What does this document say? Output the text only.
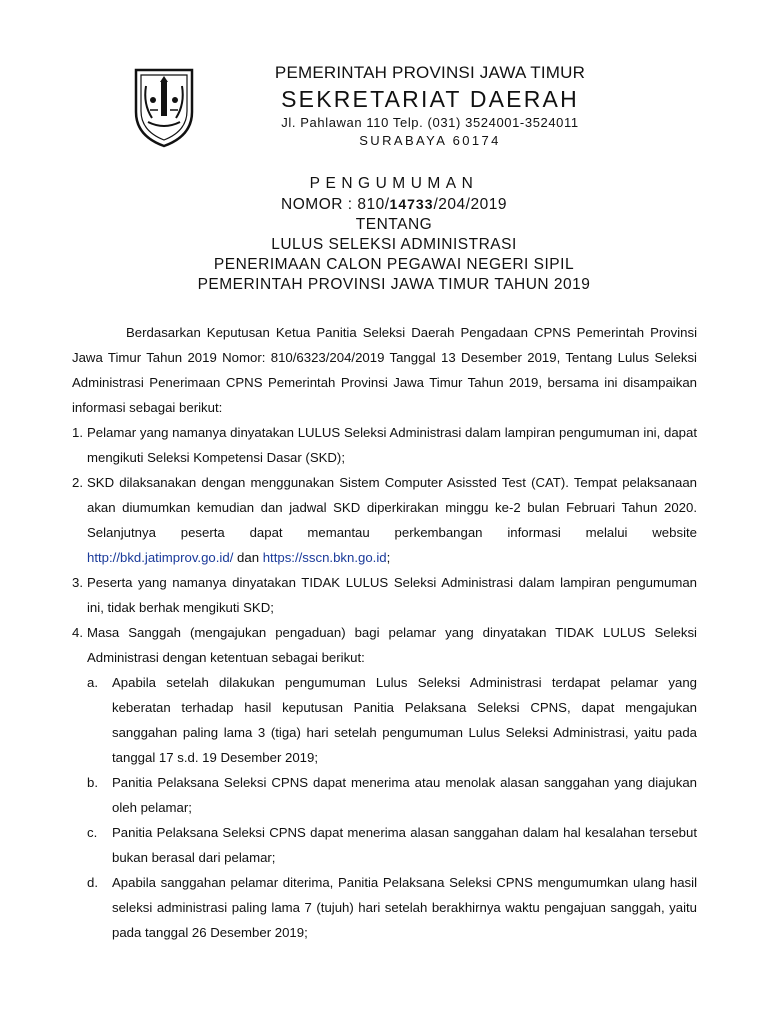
PEMERINTAH PROVINSI JAWA TIMUR
SEKRETARIAT DAERAH
Jl. Pahlawan 110 Telp. (031) 3524001-3524011
SURABAYA 60174
PENGUMUMAN
NOMOR : 810/14733/204/2019
TENTANG
LULUS SELEKSI ADMINISTRASI
PENERIMAAN CALON PEGAWAI NEGERI SIPIL
PEMERINTAH PROVINSI JAWA TIMUR TAHUN 2019
Berdasarkan Keputusan Ketua Panitia Seleksi Daerah Pengadaan CPNS Pemerintah Provinsi Jawa Timur Tahun 2019 Nomor: 810/6323/204/2019 Tanggal 13 Desember 2019, Tentang Lulus Seleksi Administrasi Penerimaan CPNS Pemerintah Provinsi Jawa Timur Tahun 2019, bersama ini disampaikan informasi sebagai berikut:
1. Pelamar yang namanya dinyatakan LULUS Seleksi Administrasi dalam lampiran pengumuman ini, dapat mengikuti Seleksi Kompetensi Dasar (SKD);
2. SKD dilaksanakan dengan menggunakan Sistem Computer Asissted Test (CAT). Tempat pelaksanaan akan diumumkan kemudian dan jadwal SKD diperkirakan minggu ke-2 bulan Februari Tahun 2020. Selanjutnya peserta dapat memantau perkembangan informasi melalui website http://bkd.jatimprov.go.id/ dan https://sscn.bkn.go.id;
3. Peserta yang namanya dinyatakan TIDAK LULUS Seleksi Administrasi dalam lampiran pengumuman ini, tidak berhak mengikuti SKD;
4. Masa Sanggah (mengajukan pengaduan) bagi pelamar yang dinyatakan TIDAK LULUS Seleksi Administrasi dengan ketentuan sebagai berikut:
a. Apabila setelah dilakukan pengumuman Lulus Seleksi Administrasi terdapat pelamar yang keberatan terhadap hasil keputusan Panitia Pelaksana Seleksi CPNS, dapat mengajukan sanggahan paling lama 3 (tiga) hari setelah pengumuman Lulus Seleksi Administrasi, yaitu pada tanggal 17 s.d. 19 Desember 2019;
b. Panitia Pelaksana Seleksi CPNS dapat menerima atau menolak alasan sanggahan yang diajukan oleh pelamar;
c. Panitia Pelaksana Seleksi CPNS dapat menerima alasan sanggahan dalam hal kesalahan tersebut bukan berasal dari pelamar;
d. Apabila sanggahan pelamar diterima, Panitia Pelaksana Seleksi CPNS mengumumkan ulang hasil seleksi administrasi paling lama 7 (tujuh) hari setelah berakhirnya waktu pengajuan sanggah, yaitu pada tanggal 26 Desember 2019;
